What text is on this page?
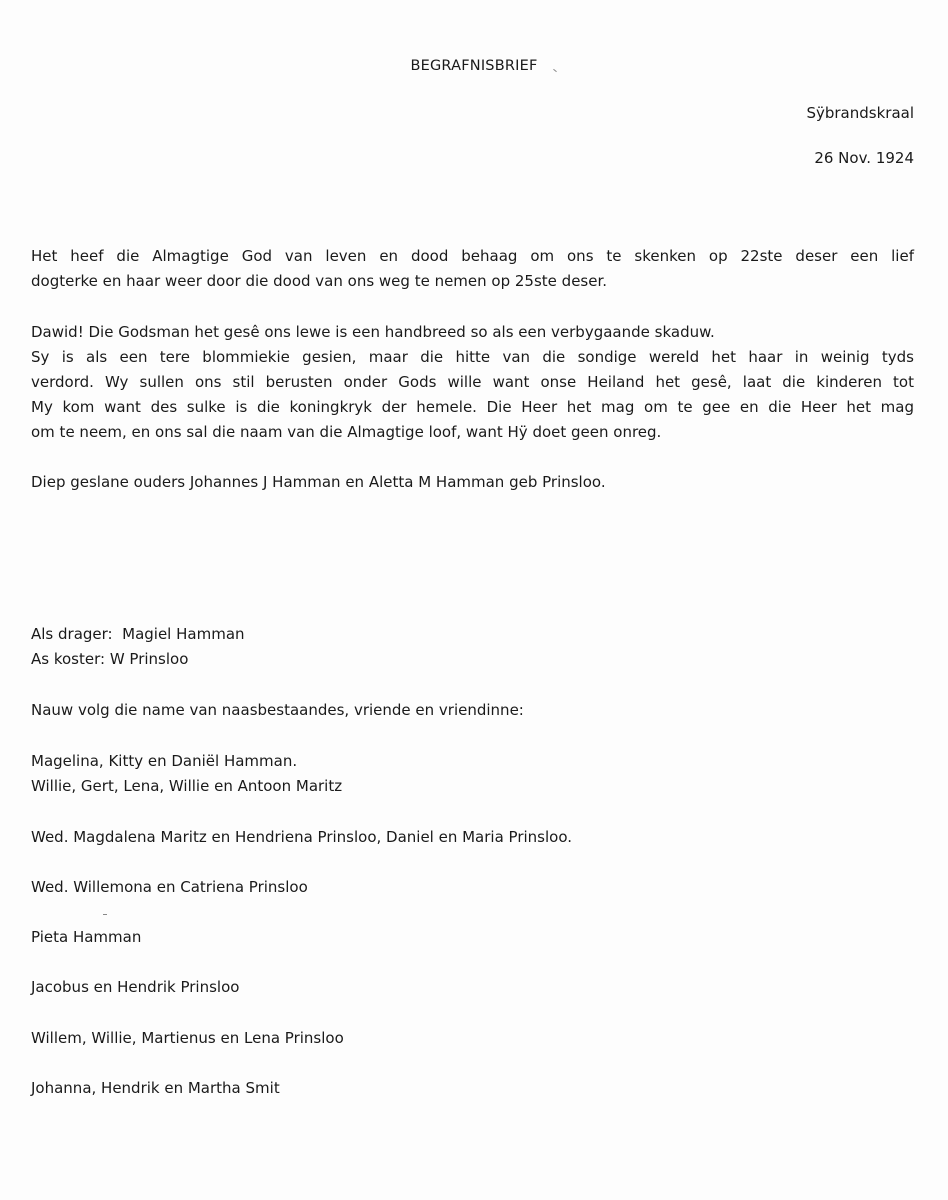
BEGRAFNISBRIEF
Sÿbrandskraal
26 Nov. 1924
Het heef die Almagtige God van leven en dood behaag om ons te skenken op 22ste deser een lief
dogterke en haar weer door die dood van ons weg te nemen op 25ste deser.
Dawid! Die Godsman het gesê ons lewe is een handbreed so als een verbygaande skaduw.
Sy is als een tere blommiekie gesien, maar die hitte van die sondige wereld het haar in weinig tyds
verdord. Wy sullen ons stil berusten onder Gods wille want onse Heiland het gesê, laat die kinderen tot
My kom want des sulke is die koningkryk der hemele. Die Heer het mag om te gee en die Heer het mag
om te neem, en ons sal die naam van die Almagtige loof, want Hÿ doet geen onreg.
Diep geslane ouders Johannes J Hamman en Aletta M Hamman geb Prinsloo.
Als drager:  Magiel Hamman
As koster: W Prinsloo
Nauw volg die name van naasbestaandes, vriende en vriendinne:
Magelina, Kitty en Daniël Hamman.
Willie, Gert, Lena, Willie en Antoon Maritz
Wed. Magdalena Maritz en Hendriena Prinsloo, Daniel en Maria Prinsloo.
Wed. Willemona en Catriena Prinsloo
Pieta Hamman
Jacobus en Hendrik Prinsloo
Willem, Willie, Martienus en Lena Prinsloo
Johanna, Hendrik en Martha Smit
